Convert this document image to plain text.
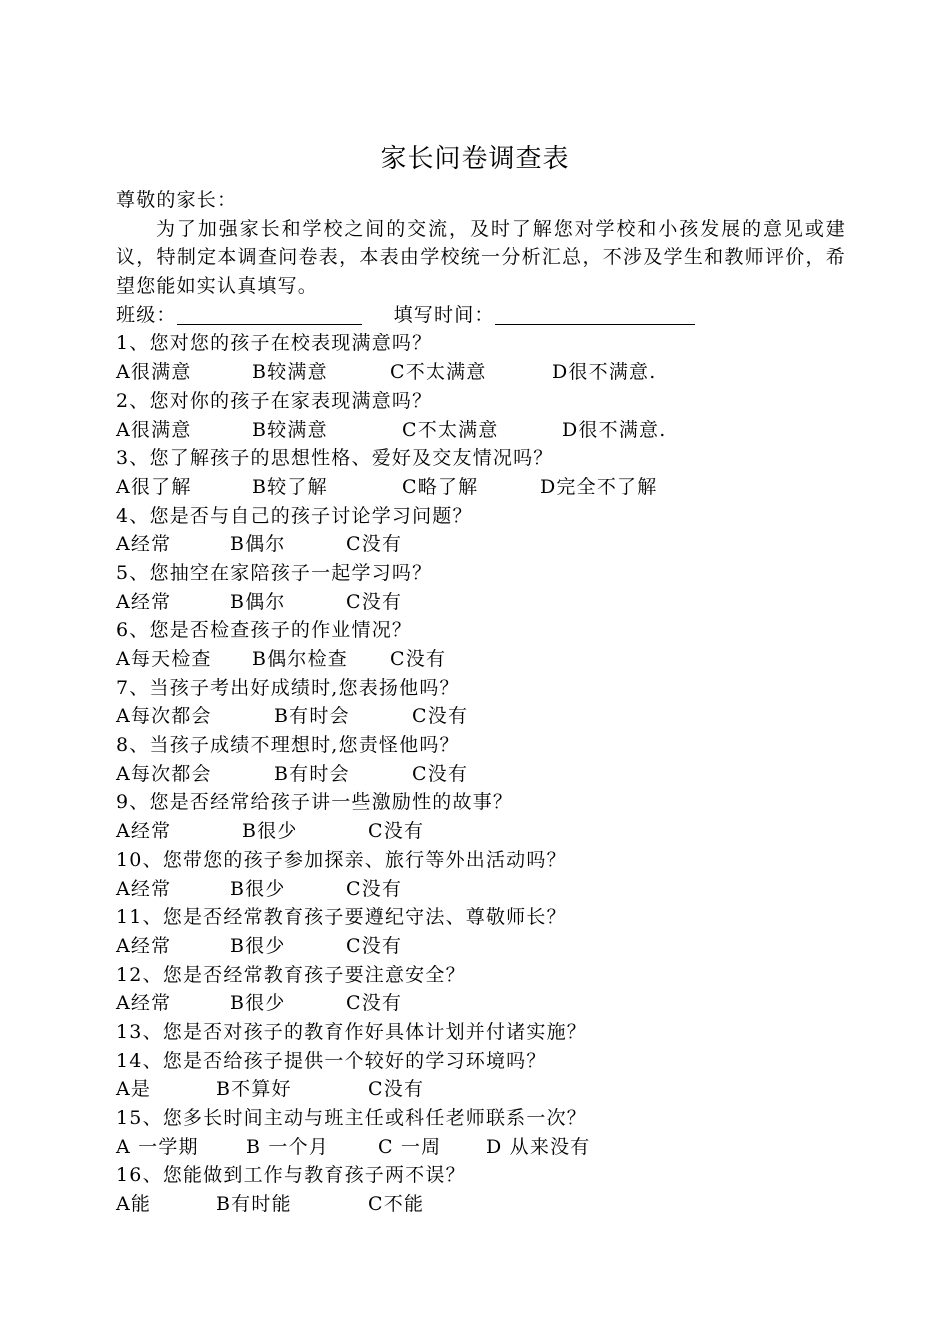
家长问卷调查表
尊敬的家长：
为了加强家长和学校之间的交流，及时了解您对学校和小孩发展的意见或建议，特制定本调查问卷表，本表由学校统一分析汇总，不涉及学生和教师评价，希望您能如实认真填写。
班级：	填写时间：
1、您对您的孩子在校表现满意吗？
A很满意	B较满意	C不太满意	D很不满意.
2、您对你的孩子在家表现满意吗？
A很满意	B较满意	C不太满意	D很不满意.
3、您了解孩子的思想性格、爱好及交友情况吗？
A很了解	B较了解	C略了解	D完全不了解
4、您是否与自己的孩子讨论学习问题？
A经常	B偶尔	C没有
5、您抽空在家陪孩子一起学习吗？
A经常	B偶尔	C没有
6、您是否检查孩子的作业情况？
A每天检查 B偶尔检查 C没有
7、当孩子考出好成绩时,您表扬他吗？
A每次都会	B有时会	C没有
8、当孩子成绩不理想时,您责怪他吗？
A每次都会	B有时会	C没有
9、您是否经常给孩子讲一些激励性的故事？
A经常	B很少	C没有
10、您带您的孩子参加探亲、旅行等外出活动吗？
A经常	B很少	C没有
11、您是否经常教育孩子要遵纪守法、尊敬师长？
A经常	B很少	C没有
12、您是否经常教育孩子要注意安全？
A经常	B很少	C没有
13、您是否对孩子的教育作好具体计划并付诸实施？
14、您是否给孩子提供一个较好的学习环境吗？
A是	B不算好	C没有
15、您多长时间主动与班主任或科任老师联系一次？
A 一学期 B 一个月	C 一周 D 从来没有
16、您能做到工作与教育孩子两不误？
A能	B有时能	C不能
